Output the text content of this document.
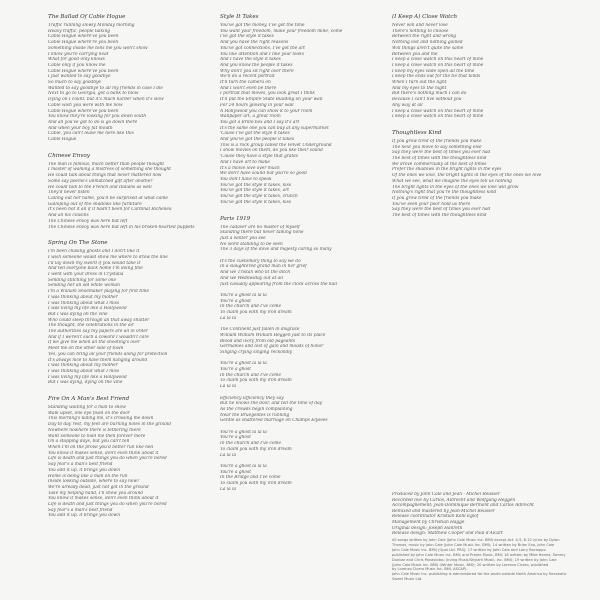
The Ballad Of Cable Hogue
Traffic running slowly Monday morning
Heavy traffic, people talking
Cable Hogue where've you been
Cable Hogue where're you been
Something inside me tells me you won't show
I know you're carrying heat
What for good only knows
Cable only if you know me
Cable Hogue where've you been
I just wanted to say goodbye
So much to say goodbye
Wanted to say goodbye to all my friends in case I die
Next to go to Georgia, got a bank to blow
Dying on I count, but it's much harder when it's slow
Cable wish you were with me now
Cable Hogue where've you been
You know they're looking for you down south
And all you've got to do is go down there
And when your boy fat mouth
Cable, you can't leave me here like this
Cable Hogue
Chinese Envoy
The man is famous, much better than people thought
I master of walking a mistress of something she thought
He could talk about things that never mattered now
Some say poems's unmatched gift after another
He could talk to the French and Italians as well
They'd never listen
Calling out her name, you'd be surprised at what came
Galloping out of the shadows like furniture
It's been hot it all if it hadn't been for Cardinal Richelieu
And all his cousins
The Chinese envoy was here but left
The Chinese envoy was here but left in his broken-hearted puppets
Spring On The Stone
I'm been chasing ghosts and I don't like it
I wish someone would show me where to draw the line
I'd lay down my sword if you would take it
And tell everyone back home I'm doing fine
I went with your dress in Crystalia
Sending stitching for some one
Sending her an old white woman
I'm a William Shoemaker playing for first time
I was thinking about my mother
I was thinking about what I miss
I was living my life like a Hollywood
But I was dying on the vine
Who could sleep through all that away shutter
The thought, the celebrations in the air
The authorities say my papers are all in order
And if I weren't such a coward I wouldn't care
If we give me when all the shooting's over
Meet me on the other side of town
Yes, you can bring all your friends along for protection
It's always nice to have them hanging around
I was thinking about my mother
I was thinking about what I miss
I was living my life like a Hollywood
But I was dying, dying on the vine
Fire On A Man's Best Friend
Standing waiting for a man to show
Walk upset, one eye fixed on the door
This morning's killing me, it's crossing me down
Day to day rest, my feet are burning holes in the ground
Nowhere nowhere there is tethering there
Want someone to hold me then forever more
On a stopping days, but you can't tell
When I'm on the prowl you'd better run like hell
You know it makes sense, don't even think about it
Life is death and just things you do when you're bored
Say fear's a man's best friend
You add it up, it brings you down
Home is being like a man on the run
Inside looking outside, where to say now?
We're already dead, just not got in the ground
Take my helping hand, I'll show you around
You know it makes sense, don't even think about it
Life is death and just things you do when you're bored
Say fear's a man's best friend
You add it up, it brings you down
Style It Takes
You've got the money, I've got the time
You want your freedom, make your freedom mine, come
I've got the style it takes
And you have the right reasons
You've got connections, I've got the art
You like attention and I like your looks
And I have the style it takes
And you know the people it takes
Why don't you sit right over there
We'll do a recent portrait
It'll turn the camera on
And I won't even be there
I portrait that moves, you look great I think
It'll put the Empire State Building on your wall
For 24 hours glowing in your wall
A Hollywood you can show it to your room
Wallpaper art, a great room
You got a Brillo box and I say it's art
It's the same one you can buy at any supermarket
'Cause I've got the style it takes
And you've got the people it takes
This is a rock group called the Velvet Underground
I show movies on them, do you like their sound
'Cause they have a style that grates
And I have art to make
It's a movie love over much
We don't have sound but you're so good
You don't have to speak
You've got the style it takes, kiss
You've got the style it takes, art
You've got the style it takes, crunch
You've got the style it takes, kiss
Paris 1919
The cadaver are no master of myself
Standing there but never talking none
Just a winter you see
No word standing to be seen
The 3 days of the dove and majesty caring so many
It's the customary thing to say we do
In a slaughtered grand man in her grief
And we Tristan who lit the ditch
And we Wednesday out at all
Just casually appearing from the clock across the hall
You're a ghost la la la
You're a ghost
In the church and I've come
To claim you with my iron dream
La la la
The Continent just fallen in disgrace
William William William Heggen just to its place
Blood and ivory from old pageants
Germanies and lost of gain and moods of honor
Singing crying singing reckondly
You're a ghost la la la
You're a ghost
In the church and I've come
To claim you with my iron dream
La la la
Efficiency Efficiency they say
But he knows the door, and tell the time of day
As the crowds begin complaining
Near the Bruegelites is running
Gentle as shattered marriage on Champs Elysees
You're a ghost la la la
You're a ghost
In the church and I've come
To claim you with my iron dream
La la la
You're a ghost la la la
You're a ghost
In the Bridge and I've come
To claim you with my iron dream
La la la
(I Keep A) Close Watch
Never win and never lose
There's nothing to choose
Between the right and wrong
Nothing lost and nothing gained
Will things aren't quite the same
Between you and me
I keep a close watch on this heart of mine
I keep a close watch on this heart of mine
I keep my eyes wide open all the time
I keep the ends out for the tie that binds
When I turn out the light
And my eyes to the night
But there's nothing much I can do
Because I can't live without you
Any way at all
I keep a close watch on this heart of mine
I keep a close watch on this heart of mine
Thoughtless Kind
If you grow tired of the friends you make
The next you move to say something else
Say they were the best of times you ever had
The best of times with the thoughtless kind
We drove commercially at the best of times
Prefer the shadows in the bright lights in the eyes
Of the ones we love, the bright lights in the eyes of the ones we love
What we see, what we imagine the eyes tell us nothing
The bright lights in the eyes of the ones we love will grow
Nothing's right that you're the thoughtless kind
If you grow tired of the friends you make
You've seen your poor hold us there
Say they were the best of times you ever had
The best of times with the thoughtless kind
Produced by John Cale and Jean - Michel Reusser
Recorded live by Carlos, Albrecht and Wolfgang Heggen
Accompagnement: Jean-Dominique Bermont and Carlos Albrecht
Remixed and mastered by Jean-Michel Reusser
Release coordinator Kristian Kohl Eglof
Management by Christian Hagge
Original design: Joseph Hanreth
Release design: Matthew Cooper and Paul d'Alcart
All songs written by John Cale (John Cale Music Inc. BMI) except Act. 4-5, 6-12 lyrics by Dylan
Thomas, music by John Cale (John Cale Music Inc. BMI); 14 written by Brian Eno, John Cale
John Cale Music Inc. BMI) (Opal Ltd. PRS); 17 written by John Cale and Larry Racioppo
published by John Cale Music Inc. BMI; and Prairie Music, BMI; 18 written by Mike Hamid, Tommy
Dunbar and Chris Panayiotou (Irving Music/Skylark Music, Inc. BMI); 19 written by John Cale
(John Cale Music Inc. BMI) (Winter Music, BMI); 20 written by Lorenzo Cicero, published
by Lorenzo Cicero Music Inc. BMI, ASCAP).
John Cale Music Inc. publishing is administered for the world outside North America by Hanseatic
Sweet Music Ltd.
